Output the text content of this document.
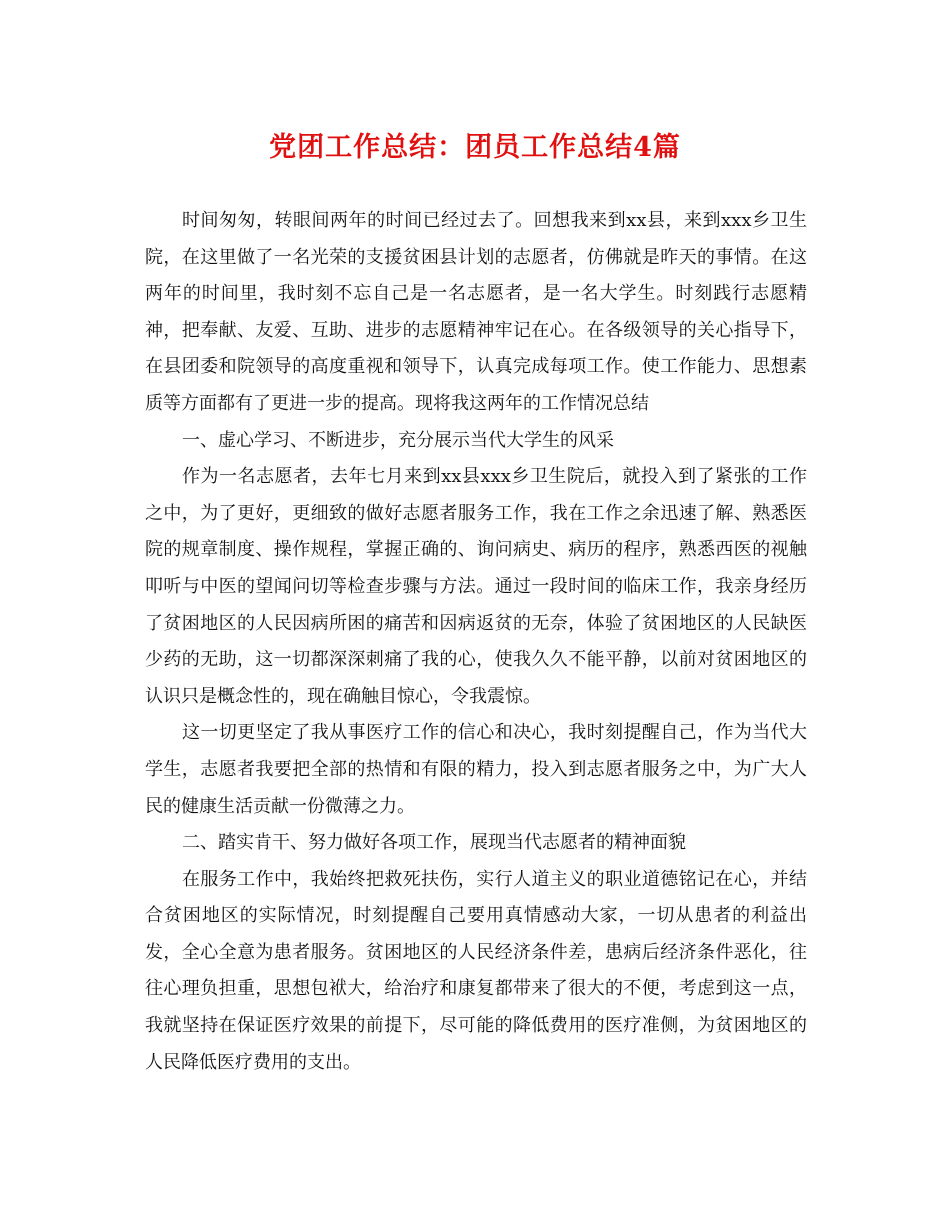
党团工作总结：团员工作总结4篇

时间匆匆，转眼间两年的时间已经过去了。回想我来到xx县，来到xxx乡卫生院，在这里做了一名光荣的支援贫困县计划的志愿者，仿佛就是昨天的事情。在这两年的时间里，我时刻不忘自己是一名志愿者，是一名大学生。时刻践行志愿精神，把奉献、友爱、互助、进步的志愿精神牢记在心。在各级领导的关心指导下，在县团委和院领导的高度重视和领导下，认真完成每项工作。使工作能力、思想素质等方面都有了更进一步的提高。现将我这两年的工作情况总结

一、虚心学习、不断进步，充分展示当代大学生的风采

作为一名志愿者，去年七月来到xx县xxx乡卫生院后，就投入到了紧张的工作之中，为了更好，更细致的做好志愿者服务工作，我在工作之余迅速了解、熟悉医院的规章制度、操作规程，掌握正确的、询问病史、病历的程序，熟悉西医的视触叩听与中医的望闻问切等检查步骤与方法。通过一段时间的临床工作，我亲身经历了贫困地区的人民因病所困的痛苦和因病返贫的无奈，体验了贫困地区的人民缺医少药的无助，这一切都深深刺痛了我的心，使我久久不能平静，以前对贫困地区的认识只是概念性的，现在确触目惊心，令我震惊。

这一切更坚定了我从事医疗工作的信心和决心，我时刻提醒自己，作为当代大学生，志愿者我要把全部的热情和有限的精力，投入到志愿者服务之中，为广大人民的健康生活贡献一份微薄之力。

二、踏实肯干、努力做好各项工作，展现当代志愿者的精神面貌

在服务工作中，我始终把救死扶伤，实行人道主义的职业道德铭记在心，并结合贫困地区的实际情况，时刻提醒自己要用真情感动大家，一切从患者的利益出发，全心全意为患者服务。贫困地区的人民经济条件差，患病后经济条件恶化，往往心理负担重，思想包袱大，给治疗和康复都带来了很大的不便，考虑到这一点，我就坚持在保证医疗效果的前提下，尽可能的降低费用的医疗准侧，为贫困地区的人民降低医疗费用的支出。
